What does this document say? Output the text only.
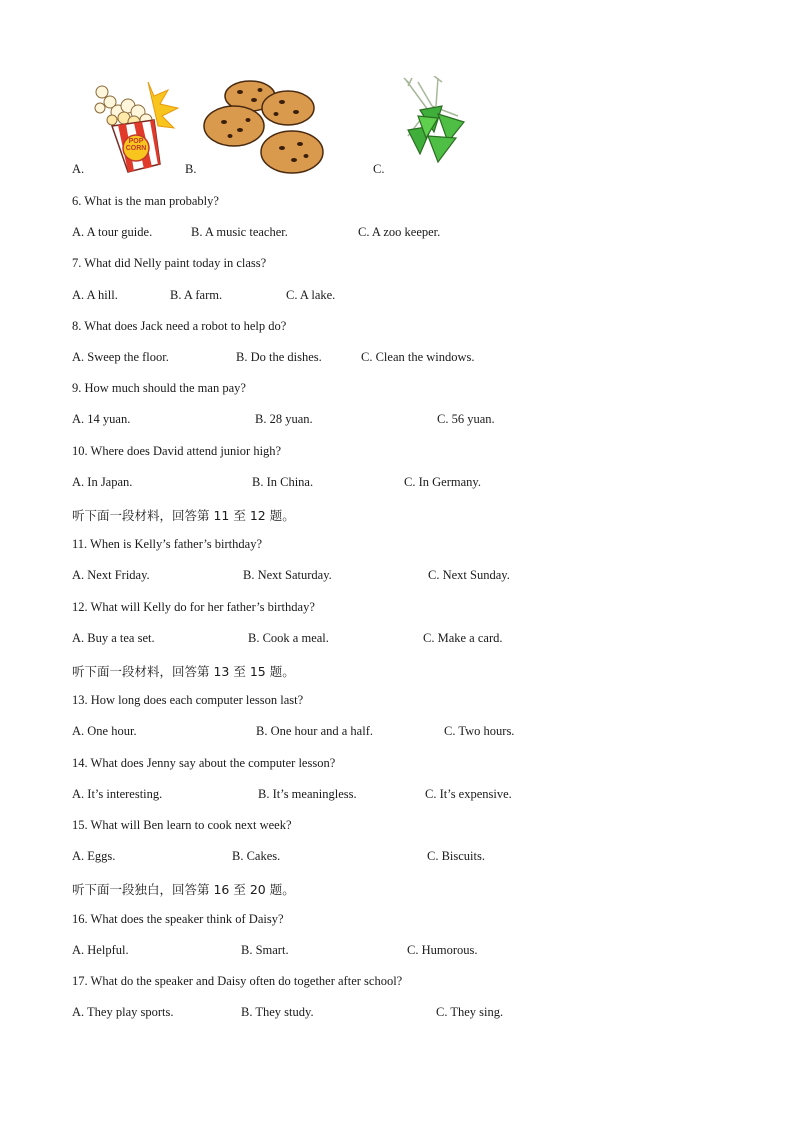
POP CORN
A.	B.	C.
6. What is the man probably?
A. A tour guide.	B. A music teacher.	C. A zoo keeper.
7. What did Nelly paint today in class?
A. A hill.	B. A farm.	C. A lake.
8. What does Jack need a robot to help do?
A. Sweep the floor.	B. Do the dishes.	C. Clean the windows.
9. How much should the man pay?
A. 14 yuan.	B. 28 yuan.	C. 56 yuan.
10. Where does David attend junior high?
A. In Japan.	B. In China.	C. In Germany.
听下面一段材料，回答第 11 至 12 题。
11. When is Kelly’s father’s birthday?
A. Next Friday.	B. Next Saturday.	C. Next Sunday.
12. What will Kelly do for her father’s birthday?
A. Buy a tea set.	B. Cook a meal.	C. Make a card.
听下面一段材料，回答第 13 至 15 题。
13. How long does each computer lesson last?
A. One hour.	B. One hour and a half.	C. Two hours.
14. What does Jenny say about the computer lesson?
A. It’s interesting.	B. It’s meaningless.	C. It’s expensive.
15. What will Ben learn to cook next week?
A. Eggs.	B. Cakes.	C. Biscuits.
听下面一段独白，回答第 16 至 20 题。
16. What does the speaker think of Daisy?
A. Helpful.	B. Smart.	C. Humorous.
17. What do the speaker and Daisy often do together after school?
A. They play sports.	B. They study.	C. They sing.
